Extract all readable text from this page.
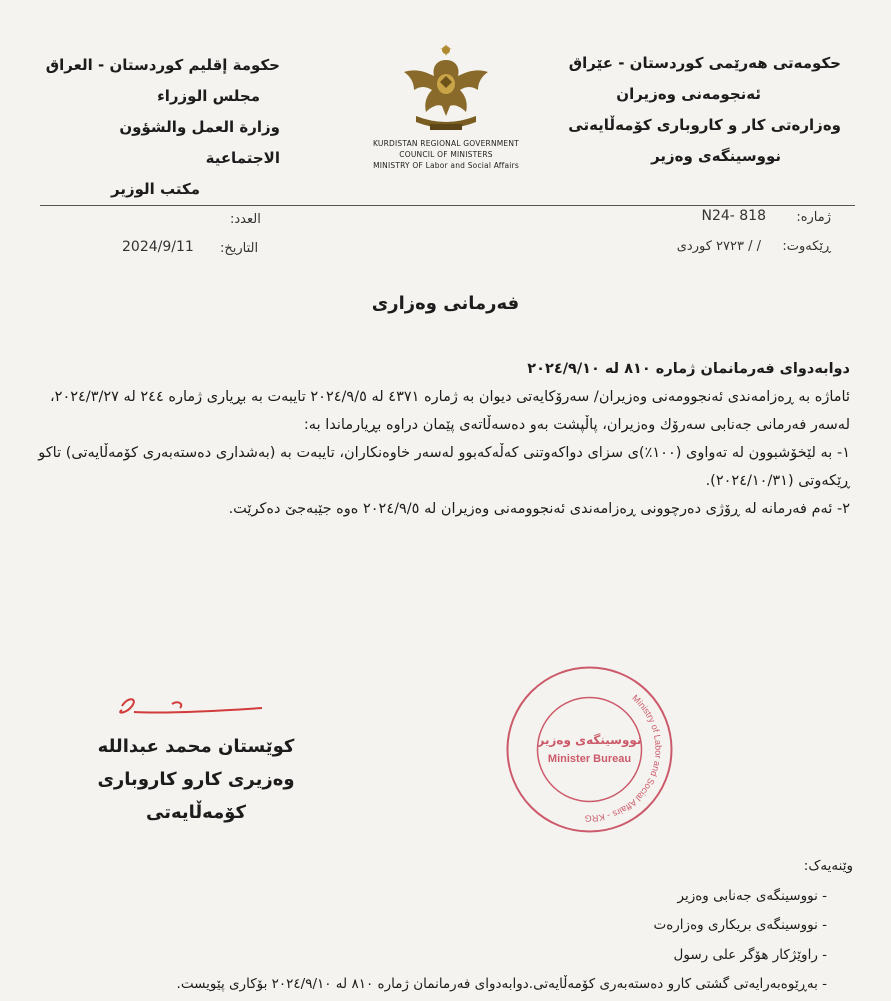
حکومەتی هەرێمی کوردستان - عێراق
ئەنجومەنی وەزیران
وەزارەتی کار و کاروباری کۆمەڵایەتی
نووسینگەی وەزیر
حكومة إقليم كوردستان - العراق
مجلس الوزراء
وزارة العمل والشؤون الاجتماعية
مكتب الوزير
KURDISTAN REGIONAL GOVERNMENT
COUNCIL OF MINISTERS
MINISTRY OF Labor and Social Affairs
ژمارە:
N24- 818
ڕێکەوت:
/ / ٢٧٢٣ کوردی
العدد:
التاريخ:
2024/9/11
فەرمانی وەزاری

دوابەدوای فەرمانمان ژمارە ٨١٠ لە ٢٠٢٤/٩/١٠

ئاماژە بە ڕەزامەندی ئەنجوومەنی وەزیران/ سەرۆکایەتی دیوان بە ژمارە ٤٣٧١ لە ٢٠٢٤/٩/٥ تایبەت بە بڕیاری ژمارە ٢٤٤ لە ٢٠٢٤/٣/٢٧، لەسەر فەرمانی جەنابی سەرۆك وەزیران، پاڵپشت بەو دەسەڵاتەی پێمان دراوە بڕیارماندا بە:

١- بە لێخۆشبوون لە تەواوی (١٠٠٪)ی سزای دواکەوتنی کەڵەکەبوو لەسەر خاوەنکاران، تایبەت بە (بەشداری دەستەبەری کۆمەڵایەتی) تاکو ڕێکەوتی (٢٠٢٤/١٠/٣١).

٢- ئەم فەرمانە لە ڕۆژی دەرچوونی ڕەزامەندی ئەنجوومەنی وەزیران لە ٢٠٢٤/٩/٥ ەوە جێبەجێ دەکرێت.

کوێستان محمد عبدالله
وەزیری کارو کاروباری
کۆمەڵایەتی
Ministry of Labor and Social Affairs - KRG
نووسینگەی وەزیر
Minister Bureau
وێنەیەک:
- نووسینگەی جەنابی وەزیر
- نووسینگەی بریکاری وەزارەت
- راوێژکار هۆگر علی رسول
- بەڕێوەبەرایەتی گشتی کارو دەستەبەری کۆمەڵایەتی.دوابەدوای فەرمانمان ژمارە ٨١٠ لە ٢٠٢٤/٩/١٠ بۆکاری پێویست.
